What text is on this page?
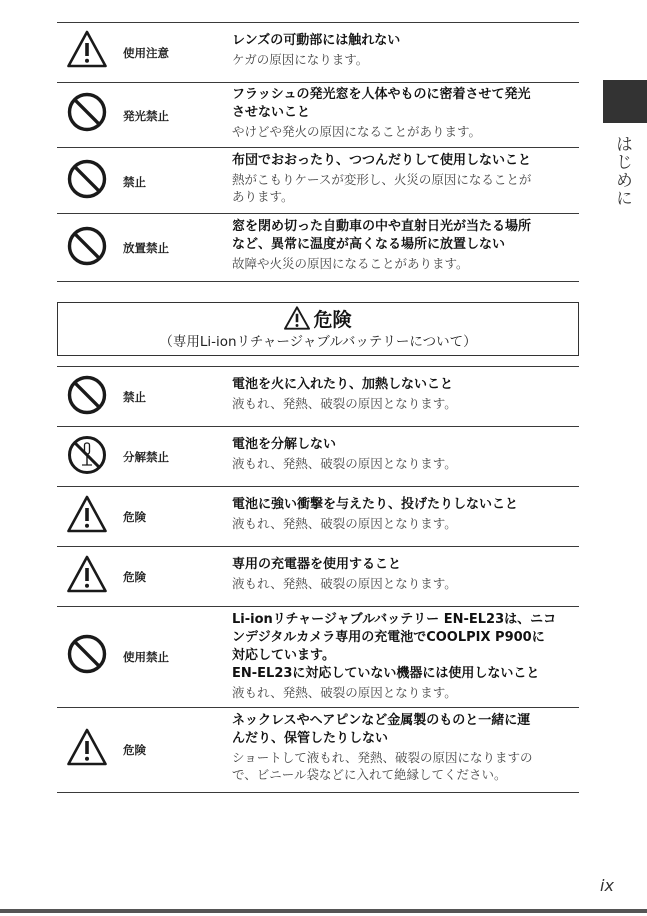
使用注意
レンズの可動部には触れない
ケガの原因になります。
発光禁止
フラッシュの発光窓を人体やものに密着させて発光
させないこと
やけどや発火の原因になることがあります。
禁止
布団でおおったり、つつんだりして使用しないこと
熱がこもりケースが変形し、火災の原因になることが
あります。
放置禁止
窓を閉め切った自動車の中や直射日光が当たる場所
など、異常に温度が高くなる場所に放置しない
故障や火災の原因になることがあります。
危険
（専用Li-ionリチャージャブルバッテリーについて）
禁止
電池を火に入れたり、加熱しないこと
液もれ、発熱、破裂の原因となります。
分解禁止
電池を分解しない
液もれ、発熱、破裂の原因となります。
危険
電池に強い衝撃を与えたり、投げたりしないこと
液もれ、発熱、破裂の原因となります。
危険
専用の充電器を使用すること
液もれ、発熱、破裂の原因となります。
使用禁止
Li-ionリチャージャブルバッテリー EN-EL23は、ニコ
ンデジタルカメラ専用の充電池でCOOLPIX P900に
対応しています。
EN-EL23に対応していない機器には使用しないこと
液もれ、発熱、破裂の原因となります。
危険
ネックレスやヘアピンなど金属製のものと一緒に運
んだり、保管したりしない
ショートして液もれ、発熱、破裂の原因になりますの
で、ビニール袋などに入れて絶縁してください。
はじめに
ix
